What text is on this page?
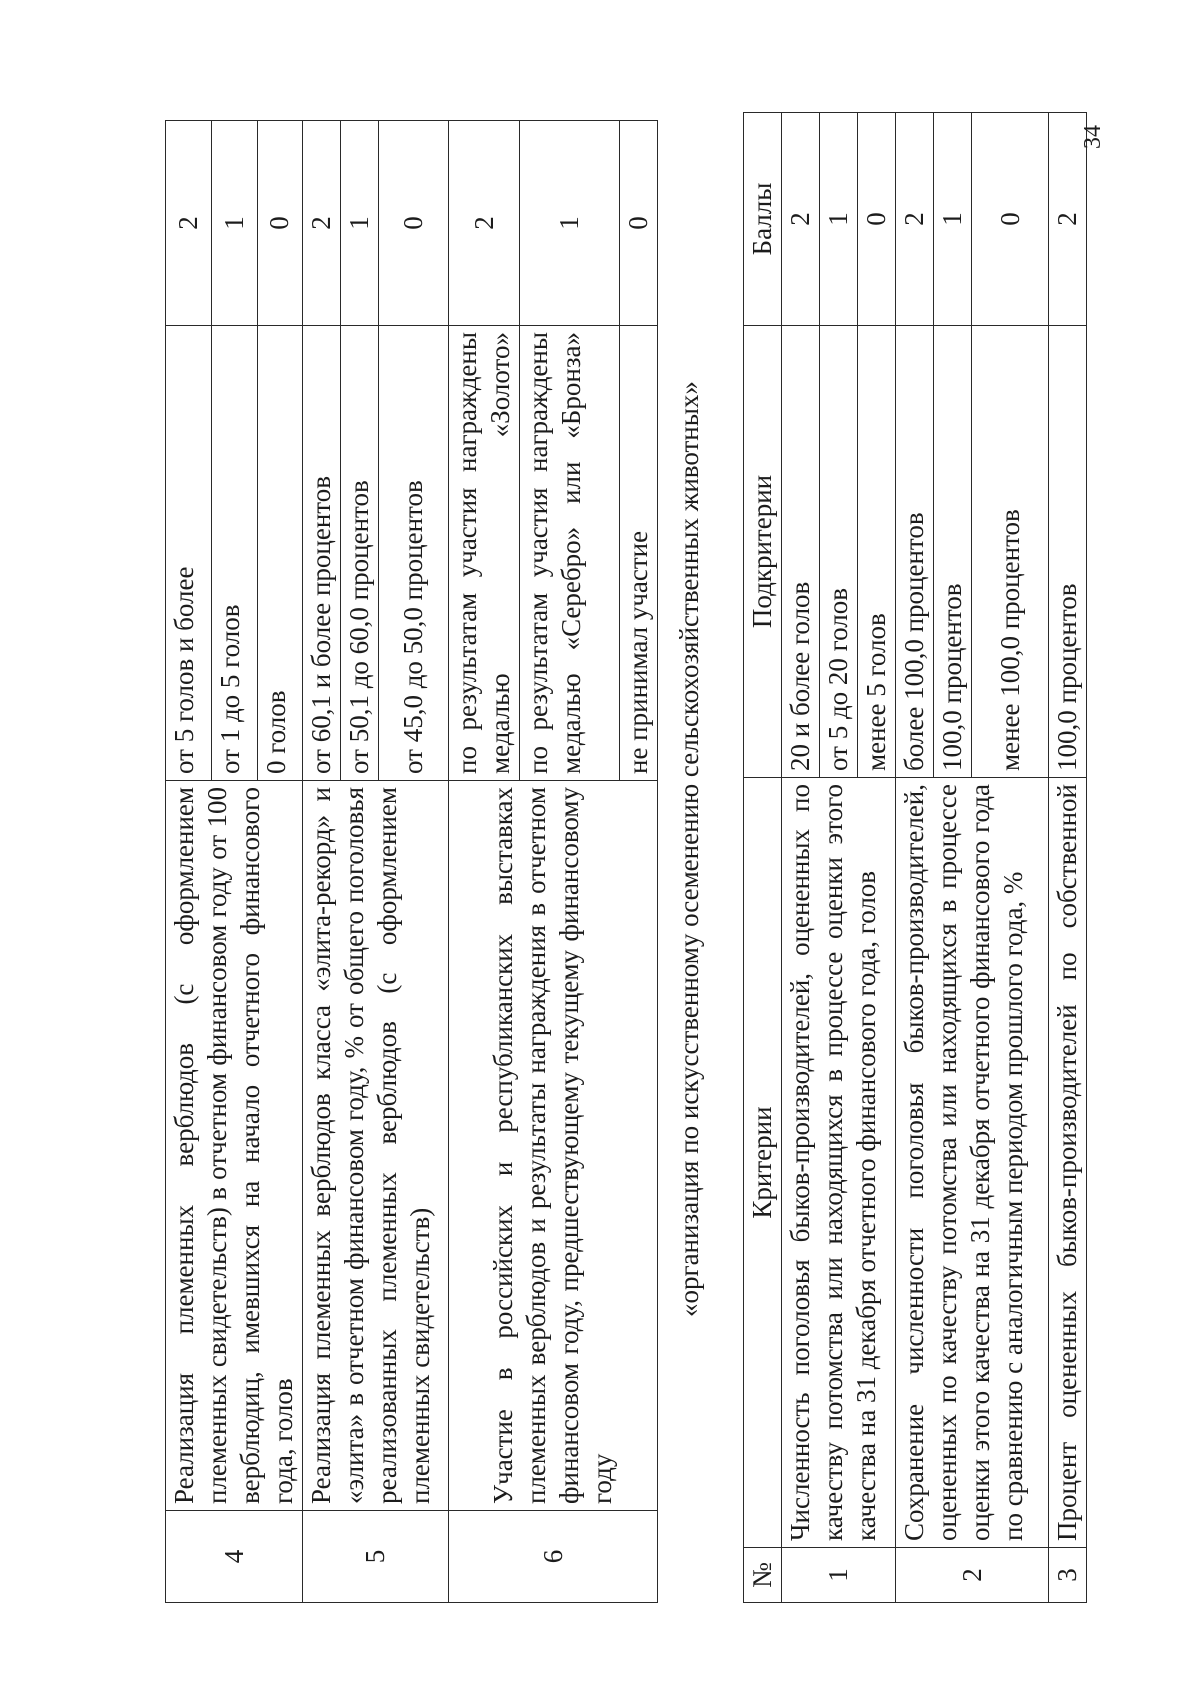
4	Реализация племенных верблюдов (с оформлением племенных свидетельств) в отчетном финансовом году от 100 верблюдиц, имевшихся на начало отчетного финансового года, голов	от 5 голов и более	2
		от 1 до 5 голов	1
		0 голов	0
5	Реализация племенных верблюдов класса «элита-рекорд» и «элита» в отчетном финансовом году, % от общего поголовья реализованных племенных верблюдов (с оформлением племенных свидетельств)	от 60,1 и более процентов	2
		от 50,1 до 60,0 процентов	1
		от 45,0 до 50,0 процентов	0
6	Участие в российских и республиканских выставках племенных верблюдов и результаты награждения в отчетном финансовом году, предшествующему текущему финансовому году	по результатам участия награждены медалью «Золото»	2
		по результатам участия награждены медалью «Серебро» или «Бронза»	1
		не принимал участие	0
«организация по искусственному осеменению сельскохозяйственных животных»
№	Критерии	Подкритерии	Баллы
1	Численность поголовья быков-производителей, оцененных по качеству потомства или находящихся в процессе оценки этого качества на 31 декабря отчетного финансового года, голов	20 и более голов	2
		от 5 до 20 голов	1
		менее 5 голов	0
2	Сохранение численности поголовья быков-производителей, оцененных по качеству потомства или находящихся в процессе оценки этого качества на 31 декабря отчетного финансового года по сравнению с аналогичным периодом прошлого года, %	более 100,0 процентов	2
		100,0 процентов	1
		менее 100,0 процентов	0
3	Процент оцененных быков-производителей по собственной	100,0 процентов	2
34
